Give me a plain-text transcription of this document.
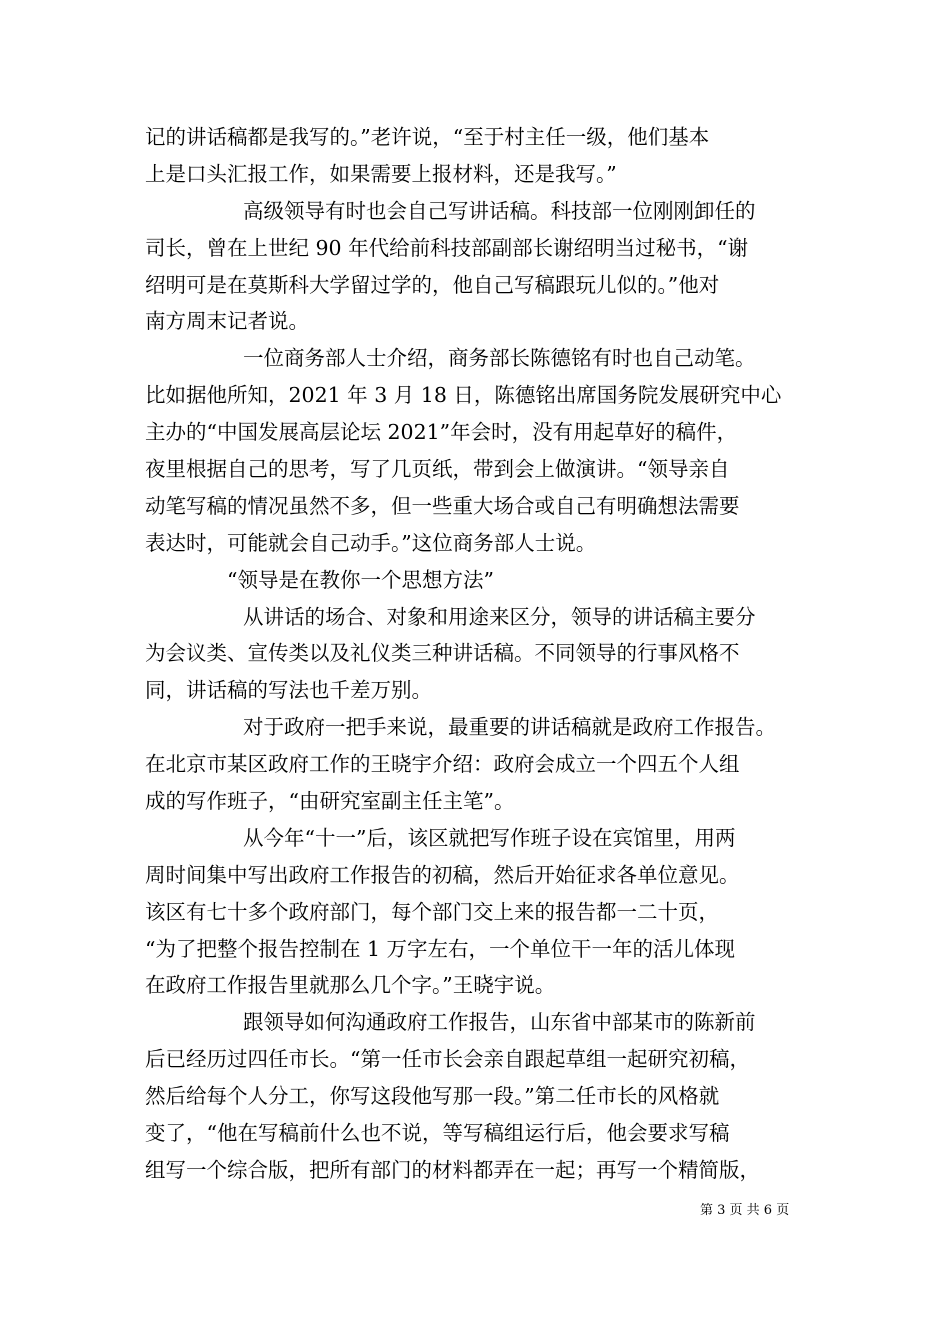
记的讲话稿都是我写的。”老许说，“至于村主任一级，他们基本
上是口头汇报工作，如果需要上报材料，还是我写。”
高级领导有时也会自己写讲话稿。科技部一位刚刚卸任的
司长，曾在上世纪 90 年代给前科技部副部长谢绍明当过秘书，“谢
绍明可是在莫斯科大学留过学的，他自己写稿跟玩儿似的。”他对
南方周末记者说。
一位商务部人士介绍，商务部长陈德铭有时也自己动笔。
比如据他所知，2021 年 3 月 18 日，陈德铭出席国务院发展研究中心
主办的“中国发展高层论坛 2021”年会时，没有用起草好的稿件，
夜里根据自己的思考，写了几页纸，带到会上做演讲。“领导亲自
动笔写稿的情况虽然不多，但一些重大场合或自己有明确想法需要
表达时，可能就会自己动手。”这位商务部人士说。
“领导是在教你一个思想方法”
从讲话的场合、对象和用途来区分，领导的讲话稿主要分
为会议类、宣传类以及礼仪类三种讲话稿。不同领导的行事风格不
同，讲话稿的写法也千差万别。
对于政府一把手来说，最重要的讲话稿就是政府工作报告。
在北京市某区政府工作的王晓宇介绍：政府会成立一个四五个人组
成的写作班子，“由研究室副主任主笔”。
从今年“十一”后，该区就把写作班子设在宾馆里，用两
周时间集中写出政府工作报告的初稿，然后开始征求各单位意见。
该区有七十多个政府部门，每个部门交上来的报告都一二十页，
“为了把整个报告控制在 1 万字左右，一个单位干一年的活儿体现
在政府工作报告里就那么几个字。”王晓宇说。
跟领导如何沟通政府工作报告，山东省中部某市的陈新前
后已经历过四任市长。“第一任市长会亲自跟起草组一起研究初稿，
然后给每个人分工，你写这段他写那一段。”第二任市长的风格就
变了，“他在写稿前什么也不说，等写稿组运行后，他会要求写稿
组写一个综合版，把所有部门的材料都弄在一起；再写一个精简版，
第 3 页 共 6 页
